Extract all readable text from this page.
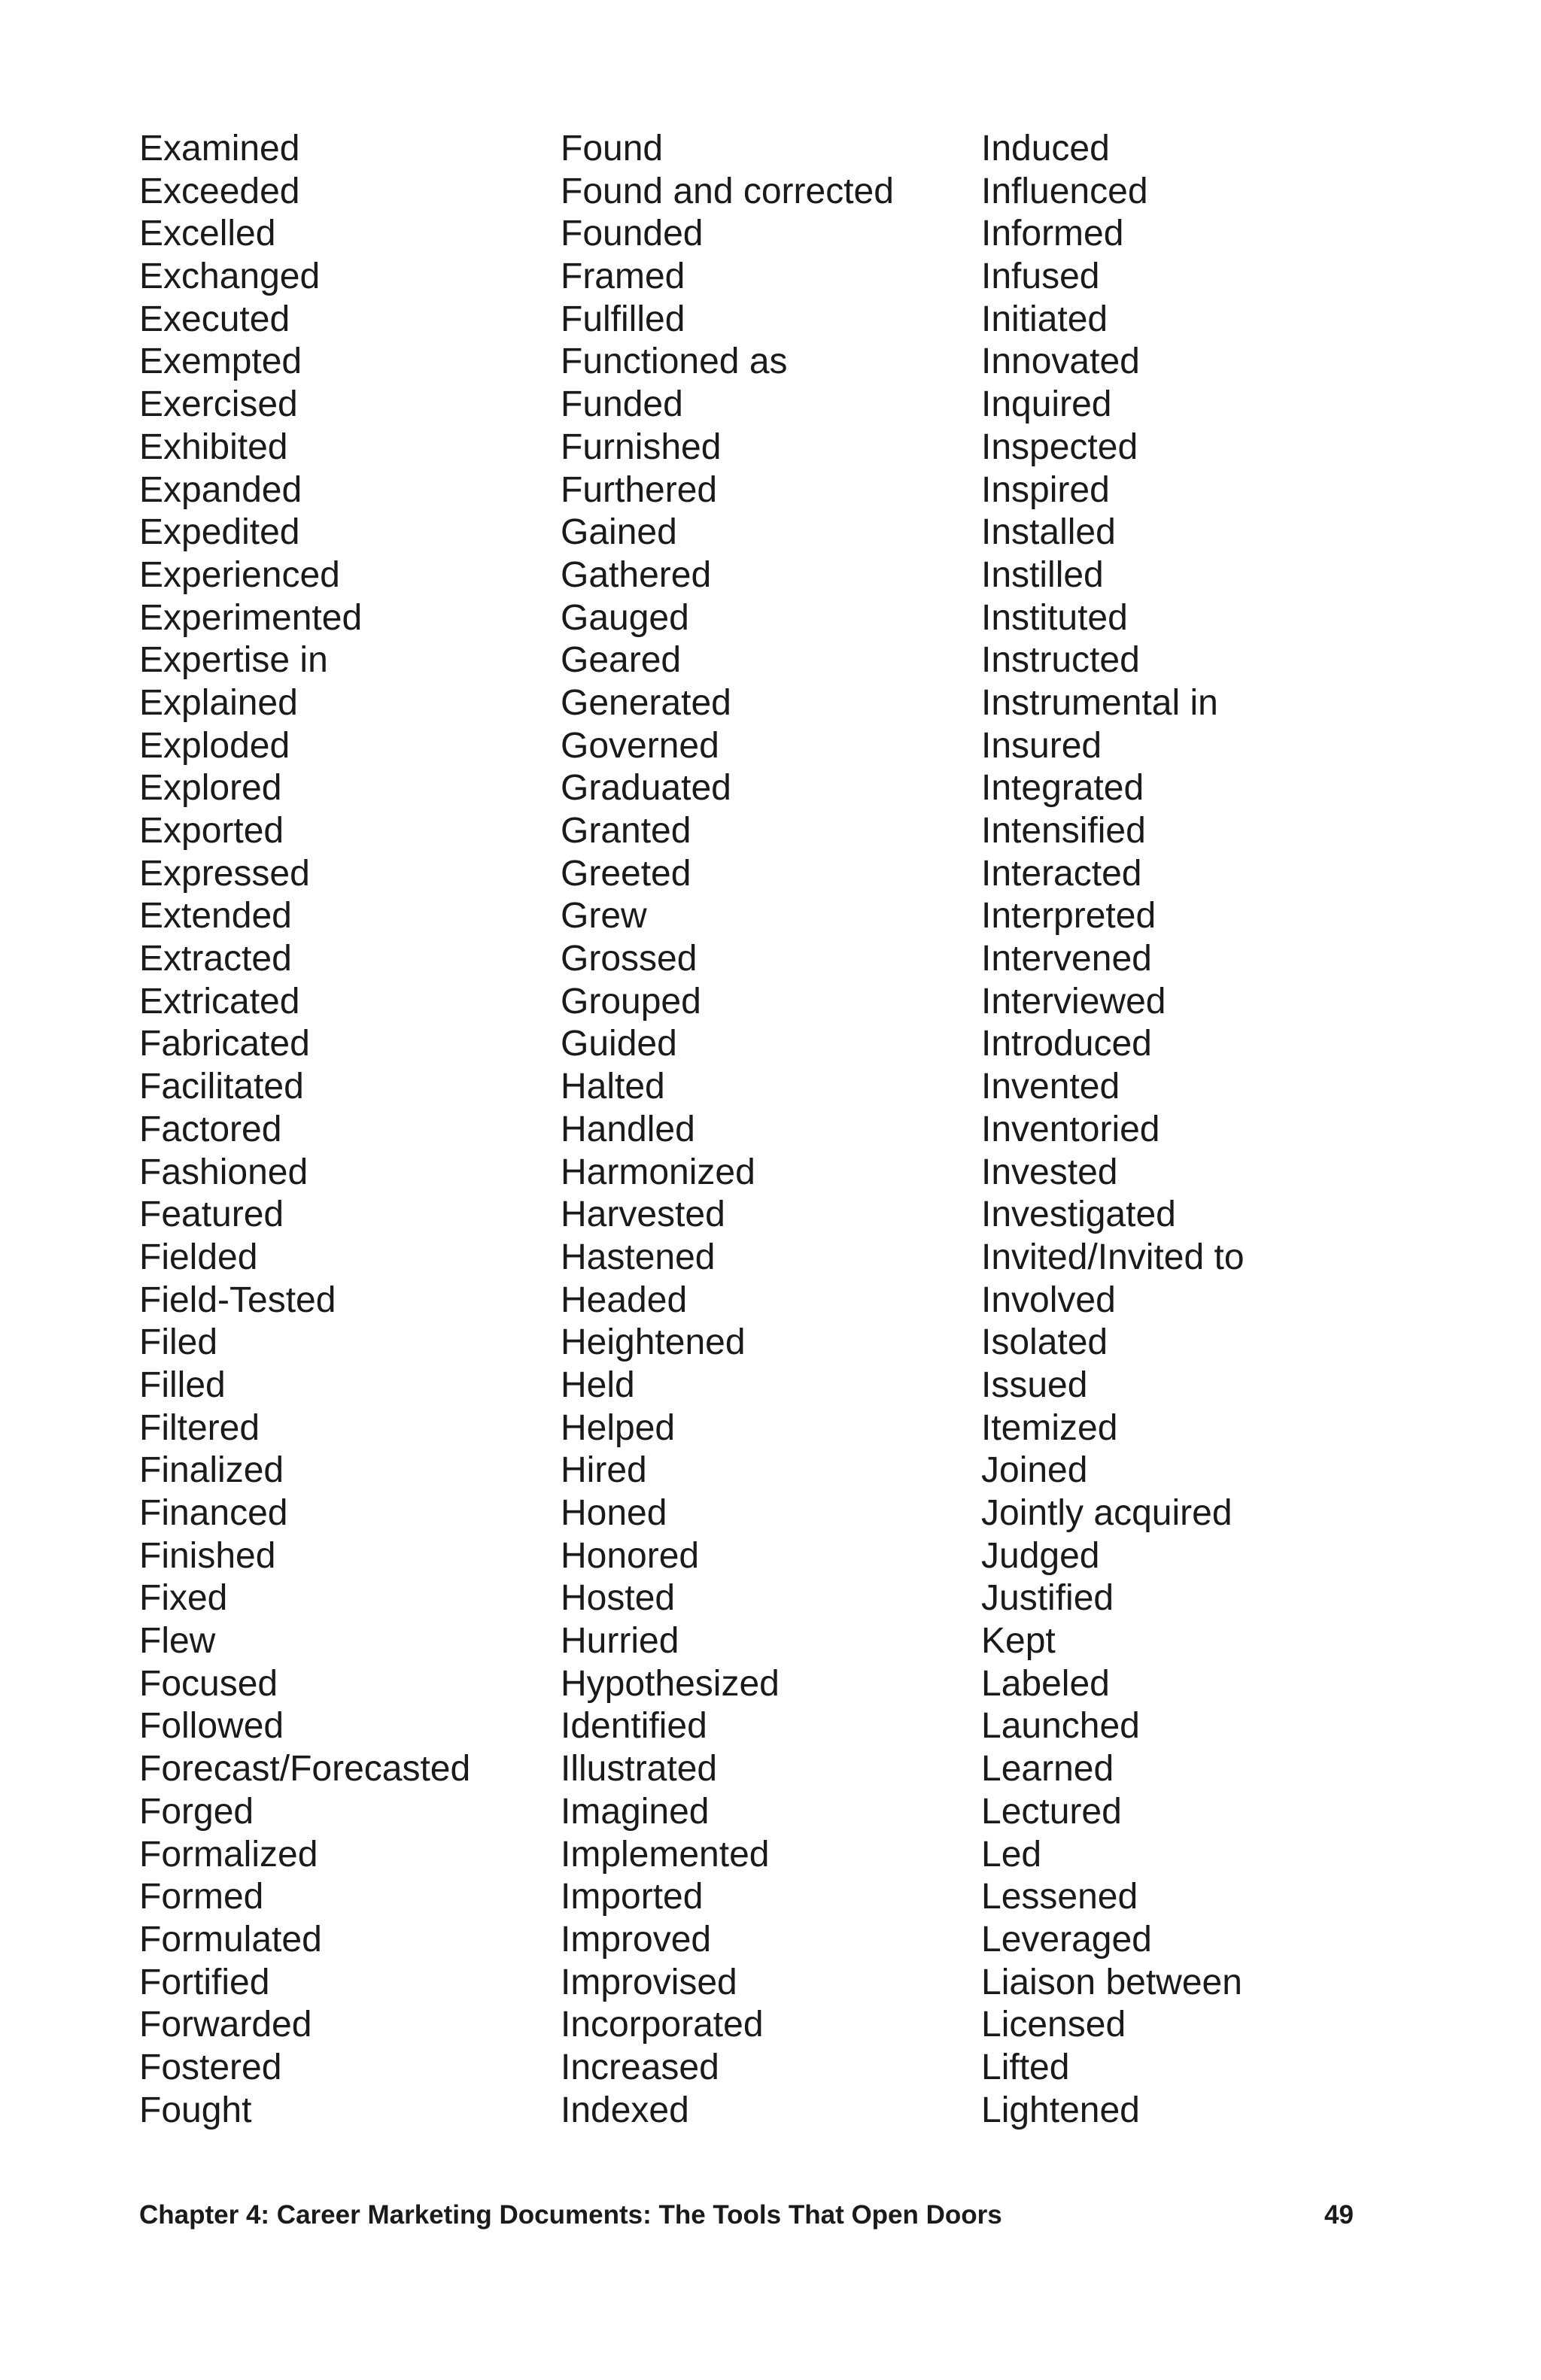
Examined
Exceeded
Excelled
Exchanged
Executed
Exempted
Exercised
Exhibited
Expanded
Expedited
Experienced
Experimented
Expertise in
Explained
Exploded
Explored
Exported
Expressed
Extended
Extracted
Extricated
Fabricated
Facilitated
Factored
Fashioned
Featured
Fielded
Field-Tested
Filed
Filled
Filtered
Finalized
Financed
Finished
Fixed
Flew
Focused
Followed
Forecast/Forecasted
Forged
Formalized
Formed
Formulated
Fortified
Forwarded
Fostered
Fought
Found
Found and corrected
Founded
Framed
Fulfilled
Functioned as
Funded
Furnished
Furthered
Gained
Gathered
Gauged
Geared
Generated
Governed
Graduated
Granted
Greeted
Grew
Grossed
Grouped
Guided
Halted
Handled
Harmonized
Harvested
Hastened
Headed
Heightened
Held
Helped
Hired
Honed
Honored
Hosted
Hurried
Hypothesized
Identified
Illustrated
Imagined
Implemented
Imported
Improved
Improvised
Incorporated
Increased
Indexed
Induced
Influenced
Informed
Infused
Initiated
Innovated
Inquired
Inspected
Inspired
Installed
Instilled
Instituted
Instructed
Instrumental in
Insured
Integrated
Intensified
Interacted
Interpreted
Intervened
Interviewed
Introduced
Invented
Inventoried
Invested
Investigated
Invited/Invited to
Involved
Isolated
Issued
Itemized
Joined
Jointly acquired
Judged
Justified
Kept
Labeled
Launched
Learned
Lectured
Led
Lessened
Leveraged
Liaison between
Licensed
Lifted
Lightened
Chapter 4: Career Marketing Documents: The Tools That Open Doors	49
